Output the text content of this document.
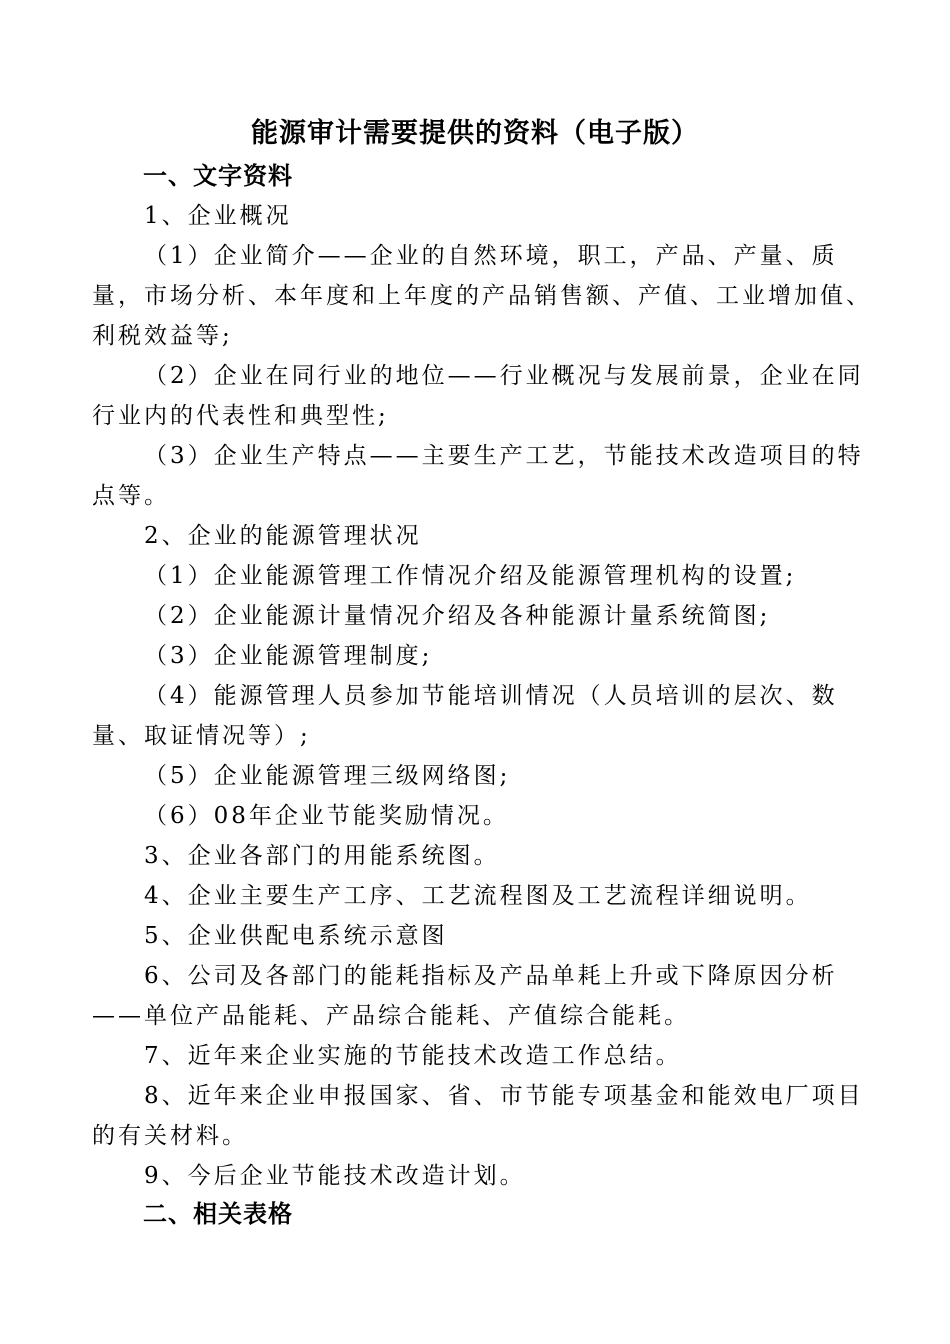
能源审计需要提供的资料（电子版）
一、文字资料

1、企业概况

（1）企业简介——企业的自然环境，职工，产品、产量、质量，市场分析、本年度和上年度的产品销售额、产值、工业增加值、利税效益等;

（2）企业在同行业的地位——行业概况与发展前景，企业在同行业内的代表性和典型性;

（3）企业生产特点——主要生产工艺，节能技术改造项目的特点等。

2、企业的能源管理状况

（1）企业能源管理工作情况介绍及能源管理机构的设置;

（2）企业能源计量情况介绍及各种能源计量系统简图;

（3）企业能源管理制度;

（4）能源管理人员参加节能培训情况（人员培训的层次、数量、取证情况等）;

（5）企业能源管理三级网络图;

（6）08年企业节能奖励情况。

3、企业各部门的用能系统图。

4、企业主要生产工序、工艺流程图及工艺流程详细说明。

5、企业供配电系统示意图

6、公司及各部门的能耗指标及产品单耗上升或下降原因分析——单位产品能耗、产品综合能耗、产值综合能耗。

7、近年来企业实施的节能技术改造工作总结。

8、近年来企业申报国家、省、市节能专项基金和能效电厂项目的有关材料。

9、今后企业节能技术改造计划。

二、相关表格
